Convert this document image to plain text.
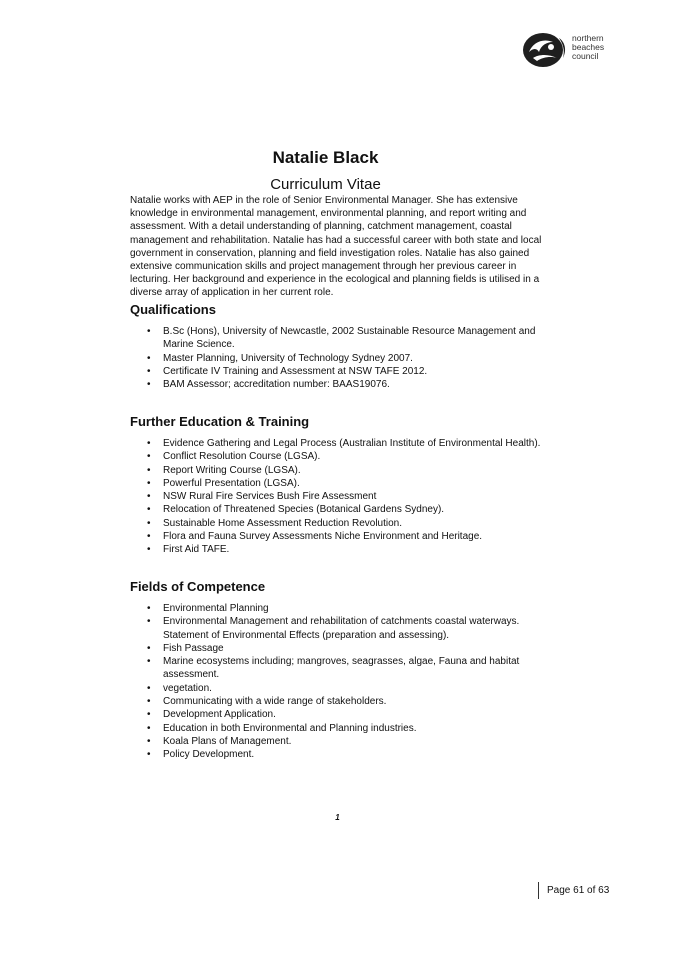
northern
beaches
council
Natalie Black
Curriculum Vitae

Natalie works with AEP in the role of Senior Environmental Manager. She has extensive knowledge in environmental management, environmental planning, and report writing and assessment. With a detail understanding of planning, catchment management, coastal management and rehabilitation. Natalie has had a successful career with both state and local government in conservation, planning and field investigation roles. Natalie has also gained extensive communication skills and project management through her previous career in lecturing. Her background and experience in the ecological and planning fields is utilised in a diverse array of application in her current role.

Qualifications
• B.Sc (Hons), University of Newcastle, 2002 Sustainable Resource Management and Marine Science.
• Master Planning, University of Technology Sydney 2007.
• Certificate IV Training and Assessment at NSW TAFE 2012.
• BAM Assessor; accreditation number: BAAS19076.
Further Education & Training
• Evidence Gathering and Legal Process (Australian Institute of Environmental Health).
• Conflict Resolution Course (LGSA).
• Report Writing Course (LGSA).
• Powerful Presentation (LGSA).
• NSW Rural Fire Services Bush Fire Assessment
• Relocation of Threatened Species (Botanical Gardens Sydney).
• Sustainable Home Assessment Reduction Revolution.
• Flora and Fauna Survey Assessments Niche Environment and Heritage.
• First Aid TAFE.
Fields of Competence
• Environmental Planning
• Environmental Management and rehabilitation of catchments coastal waterways. Statement of Environmental Effects (preparation and assessing).
• Fish Passage
• Marine ecosystems including; mangroves, seagrasses, algae, Fauna and habitat assessment.
• vegetation.
• Communicating with a wide range of stakeholders.
• Development Application.
• Education in both Environmental and Planning industries.
• Koala Plans of Management.
• Policy Development.
1
Page 61 of 63
